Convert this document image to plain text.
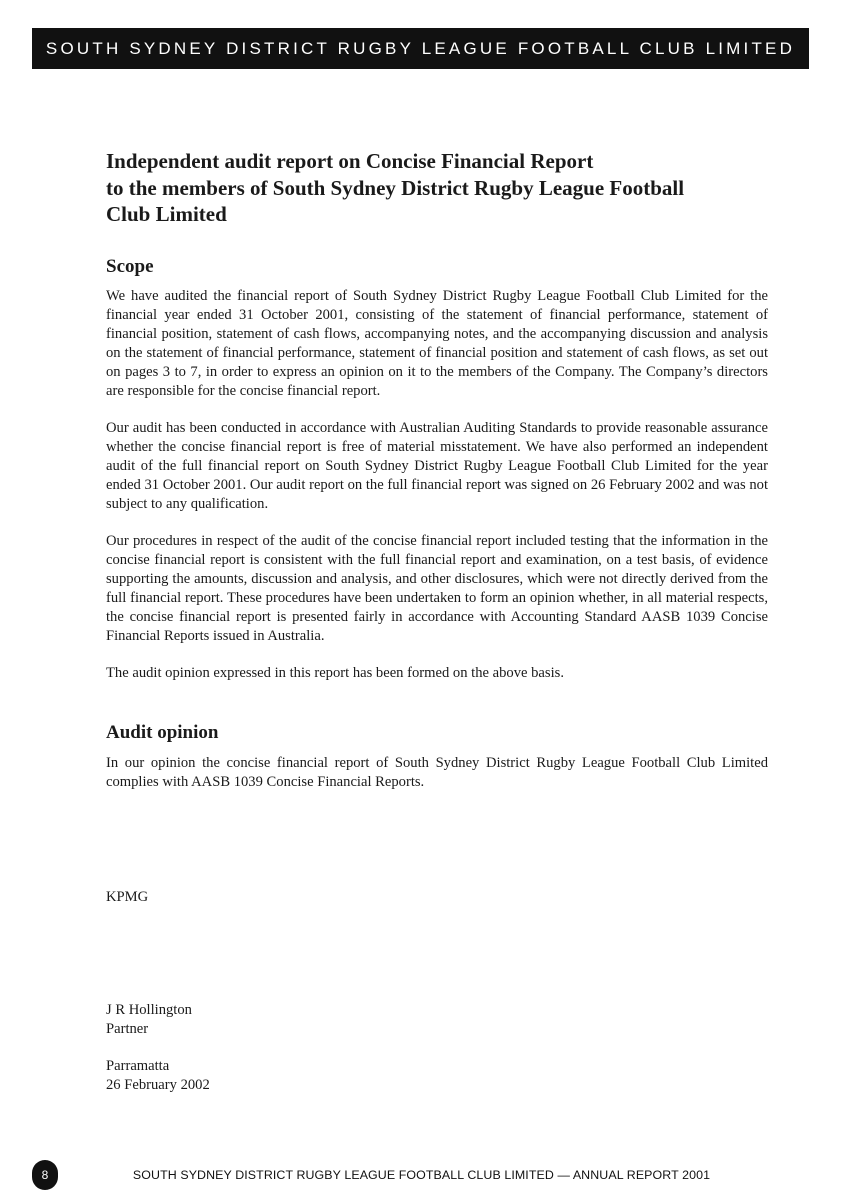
SOUTH SYDNEY DISTRICT RUGBY LEAGUE FOOTBALL CLUB LIMITED
Independent audit report on Concise Financial Report
to the members of South Sydney District Rugby League Football
Club Limited
Scope

We have audited the financial report of South Sydney District Rugby League Football Club Limited for the financial year ended 31 October 2001, consisting of the statement of financial performance, statement of financial position, statement of cash flows, accompanying notes, and the accompanying discussion and analysis on the statement of financial performance, statement of financial position and statement of cash flows, as set out on pages 3 to 7, in order to express an opinion on it to the members of the Company. The Company’s directors are responsible for the concise financial report.

Our audit has been conducted in accordance with Australian Auditing Standards to provide reasonable assurance whether the concise financial report is free of material misstatement. We have also performed an independent audit of the full financial report on South Sydney District Rugby League Football Club Limited for the year ended 31 October 2001. Our audit report on the full financial report was signed on 26 February 2002 and was not subject to any qualification.

Our procedures in respect of the audit of the concise financial report included testing that the information in the concise financial report is consistent with the full financial report and examination, on a test basis, of evidence supporting the amounts, discussion and analysis, and other disclosures, which were not directly derived from the full financial report. These procedures have been undertaken to form an opinion whether, in all material respects, the concise financial report is presented fairly in accordance with Accounting Standard AASB 1039 Concise Financial Reports issued in Australia.

The audit opinion expressed in this report has been formed on the above basis.

Audit opinion

In our opinion the concise financial report of South Sydney District Rugby League Football Club Limited complies with AASB 1039 Concise Financial Reports.

KPMG

J R Hollington

Partner

Parramatta

26 February 2002

8	SOUTH SYDNEY DISTRICT RUGBY LEAGUE FOOTBALL CLUB LIMITED — ANNUAL REPORT 2001
